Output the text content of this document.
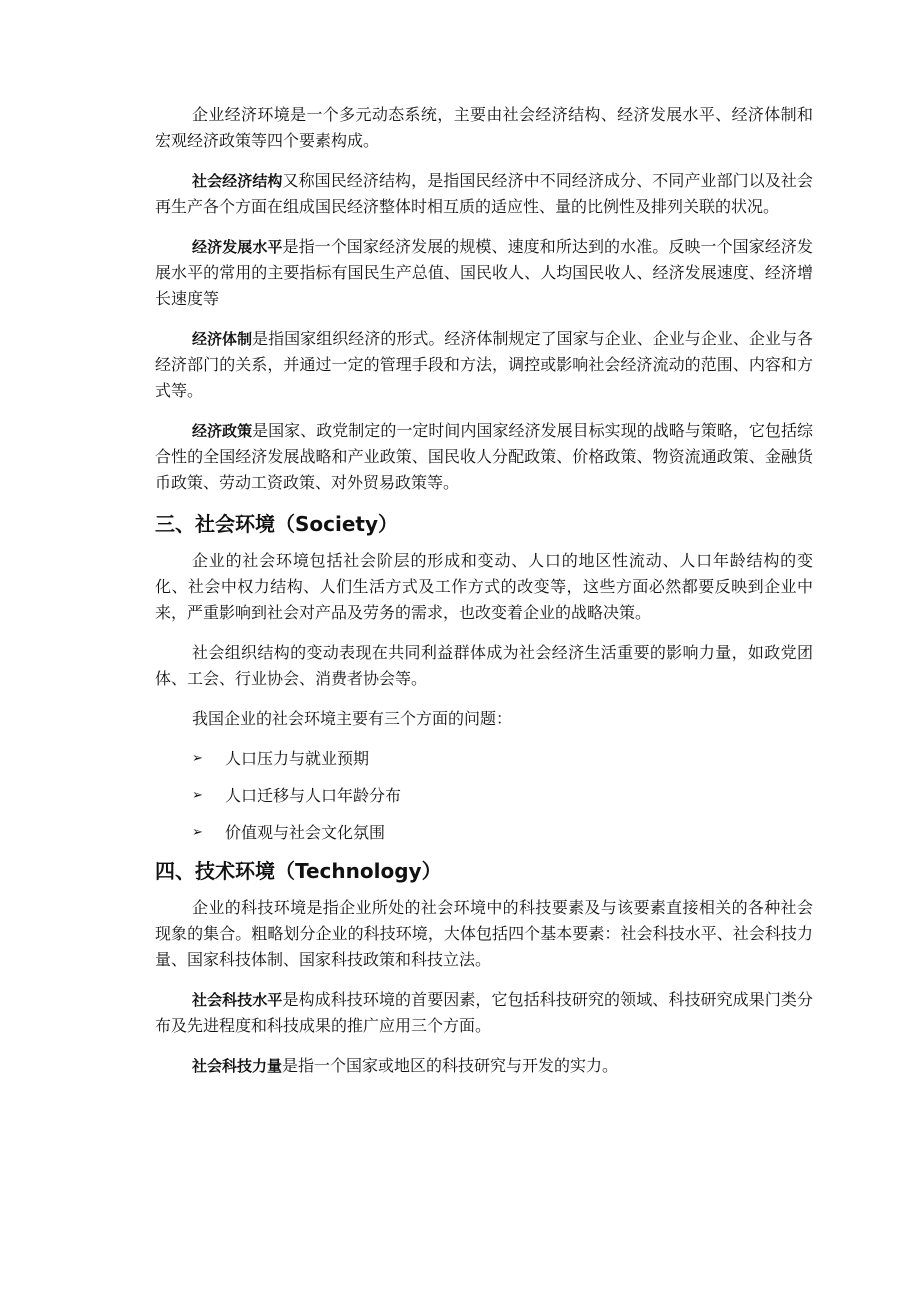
企业经济环境是一个多元动态系统，主要由社会经济结构、经济发展水平、经济体制和宏观经济政策等四个要素构成。

社会经济结构又称国民经济结构，是指国民经济中不同经济成分、不同产业部门以及社会再生产各个方面在组成国民经济整体时相互质的适应性、量的比例性及排列关联的状况。

经济发展水平是指一个国家经济发展的规模、速度和所达到的水准。反映一个国家经济发展水平的常用的主要指标有国民生产总值、国民收人、人均国民收人、经济发展速度、经济增长速度等

经济体制是指国家组织经济的形式。经济体制规定了国家与企业、企业与企业、企业与各经济部门的关系，并通过一定的管理手段和方法，调控或影响社会经济流动的范围、内容和方式等。

经济政策是国家、政党制定的一定时间内国家经济发展目标实现的战略与策略，它包括综合性的全国经济发展战略和产业政策、国民收人分配政策、价格政策、物资流通政策、金融货币政策、劳动工资政策、对外贸易政策等。

三、社会环境（Society）

企业的社会环境包括社会阶层的形成和变动、人口的地区性流动、人口年龄结构的变化、社会中权力结构、人们生活方式及工作方式的改变等，这些方面必然都要反映到企业中来，严重影响到社会对产品及劳务的需求，也改变着企业的战略决策。

社会组织结构的变动表现在共同利益群体成为社会经济生活重要的影响力量，如政党团体、工会、行业协会、消费者协会等。

我国企业的社会环境主要有三个方面的问题：

➢	人口压力与就业预期
➢	人口迁移与人口年龄分布
➢	价值观与社会文化氛围
四、技术环境（Technology）

企业的科技环境是指企业所处的社会环境中的科技要素及与该要素直接相关的各种社会现象的集合。粗略划分企业的科技环境，大体包括四个基本要素：社会科技水平、社会科技力量、国家科技体制、国家科技政策和科技立法。

社会科技水平是构成科技环境的首要因素，它包括科技研究的领域、科技研究成果门类分布及先进程度和科技成果的推广应用三个方面。

社会科技力量是指一个国家或地区的科技研究与开发的实力。
